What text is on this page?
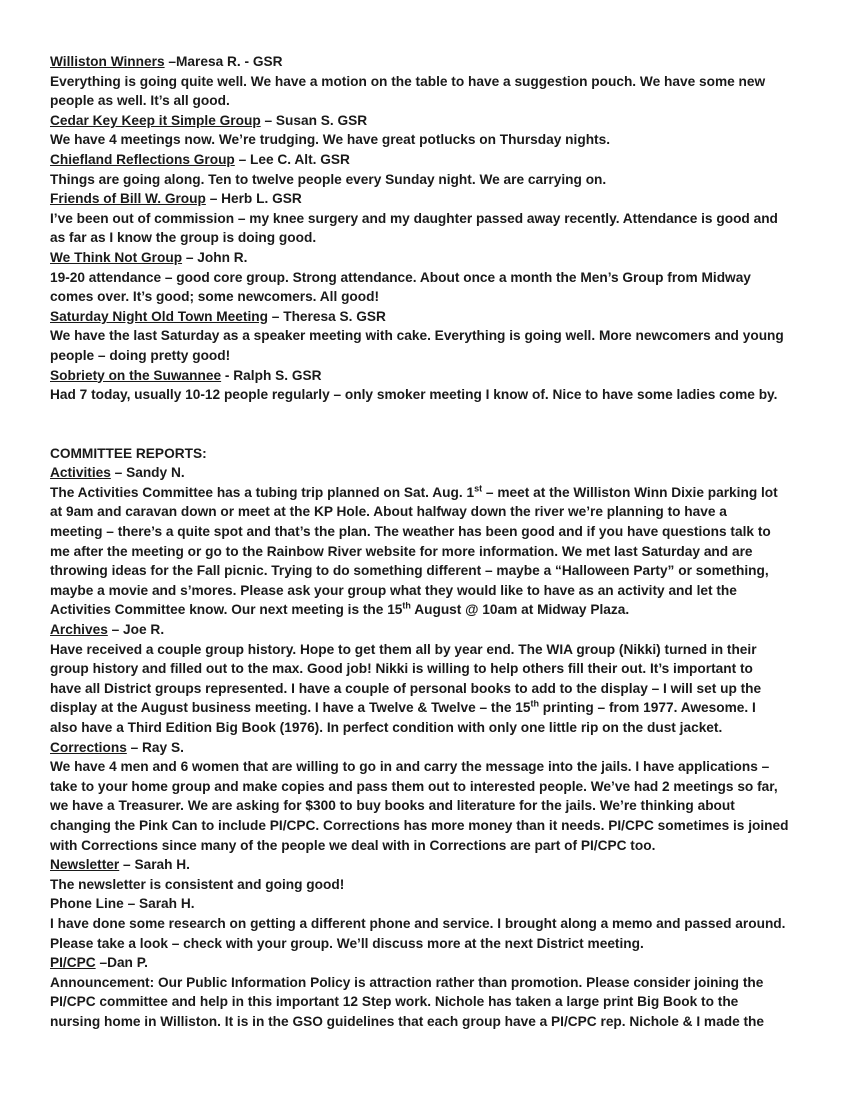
Williston Winners –Maresa R. - GSR
Everything is going quite well. We have a motion on the table to have a suggestion pouch. We have some new
people as well. It’s all good.
Cedar Key Keep it Simple Group – Susan S. GSR
We have 4 meetings now. We’re trudging. We have great potlucks on Thursday nights.
Chiefland Reflections Group – Lee C. Alt. GSR
Things are going along. Ten to twelve people every Sunday night. We are carrying on.
Friends of Bill W. Group – Herb L. GSR
I’ve been out of commission – my knee surgery and my daughter passed away recently. Attendance is good and
as far as I know the group is doing good.
We Think Not Group – John R.
19-20 attendance – good core group. Strong attendance. About once a month the Men’s Group from Midway
comes over. It’s good; some newcomers. All good!
Saturday Night Old Town Meeting – Theresa S. GSR
We have the last Saturday as a speaker meeting with cake. Everything is going well. More newcomers and young
people – doing pretty good!
Sobriety on the Suwannee - Ralph S. GSR
Had 7 today, usually 10-12 people regularly – only smoker meeting I know of. Nice to have some ladies come by.
COMMITTEE REPORTS:
Activities – Sandy N.
The Activities Committee has a tubing trip planned on Sat. Aug. 1st – meet at the Williston Winn Dixie parking lot
at 9am and caravan down or meet at the KP Hole. About halfway down the river we’re planning to have a
meeting – there’s a quite spot and that’s the plan. The weather has been good and if you have questions talk to
me after the meeting or go to the Rainbow River website for more information. We met last Saturday and are
throwing ideas for the Fall picnic. Trying to do something different – maybe a “Halloween Party” or something,
maybe a movie and s’mores. Please ask your group what they would like to have as an activity and let the
Activities Committee know. Our next meeting is the 15th August @ 10am at Midway Plaza.
Archives – Joe R.
Have received a couple group history. Hope to get them all by year end. The WIA group (Nikki) turned in their
group history and filled out to the max. Good job! Nikki is willing to help others fill their out. It’s important to
have all District groups represented. I have a couple of personal books to add to the display – I will set up the
display at the August business meeting. I have a Twelve & Twelve – the 15th printing – from 1977. Awesome. I
also have a Third Edition Big Book (1976). In perfect condition with only one little rip on the dust jacket.
Corrections – Ray S.
We have 4 men and 6 women that are willing to go in and carry the message into the jails. I have applications –
take to your home group and make copies and pass them out to interested people. We’ve had 2 meetings so far,
we have a Treasurer. We are asking for $300 to buy books and literature for the jails. We’re thinking about
changing the Pink Can to include PI/CPC. Corrections has more money than it needs. PI/CPC sometimes is joined
with Corrections since many of the people we deal with in Corrections are part of PI/CPC too.
Newsletter – Sarah H.
The newsletter is consistent and going good!
Phone Line – Sarah H.
I have done some research on getting a different phone and service. I brought along a memo and passed around.
Please take a look – check with your group. We’ll discuss more at the next District meeting.
PI/CPC –Dan P.
Announcement: Our Public Information Policy is attraction rather than promotion. Please consider joining the
PI/CPC committee and help in this important 12 Step work. Nichole has taken a large print Big Book to the
nursing home in Williston. It is in the GSO guidelines that each group have a PI/CPC rep. Nichole & I made the
